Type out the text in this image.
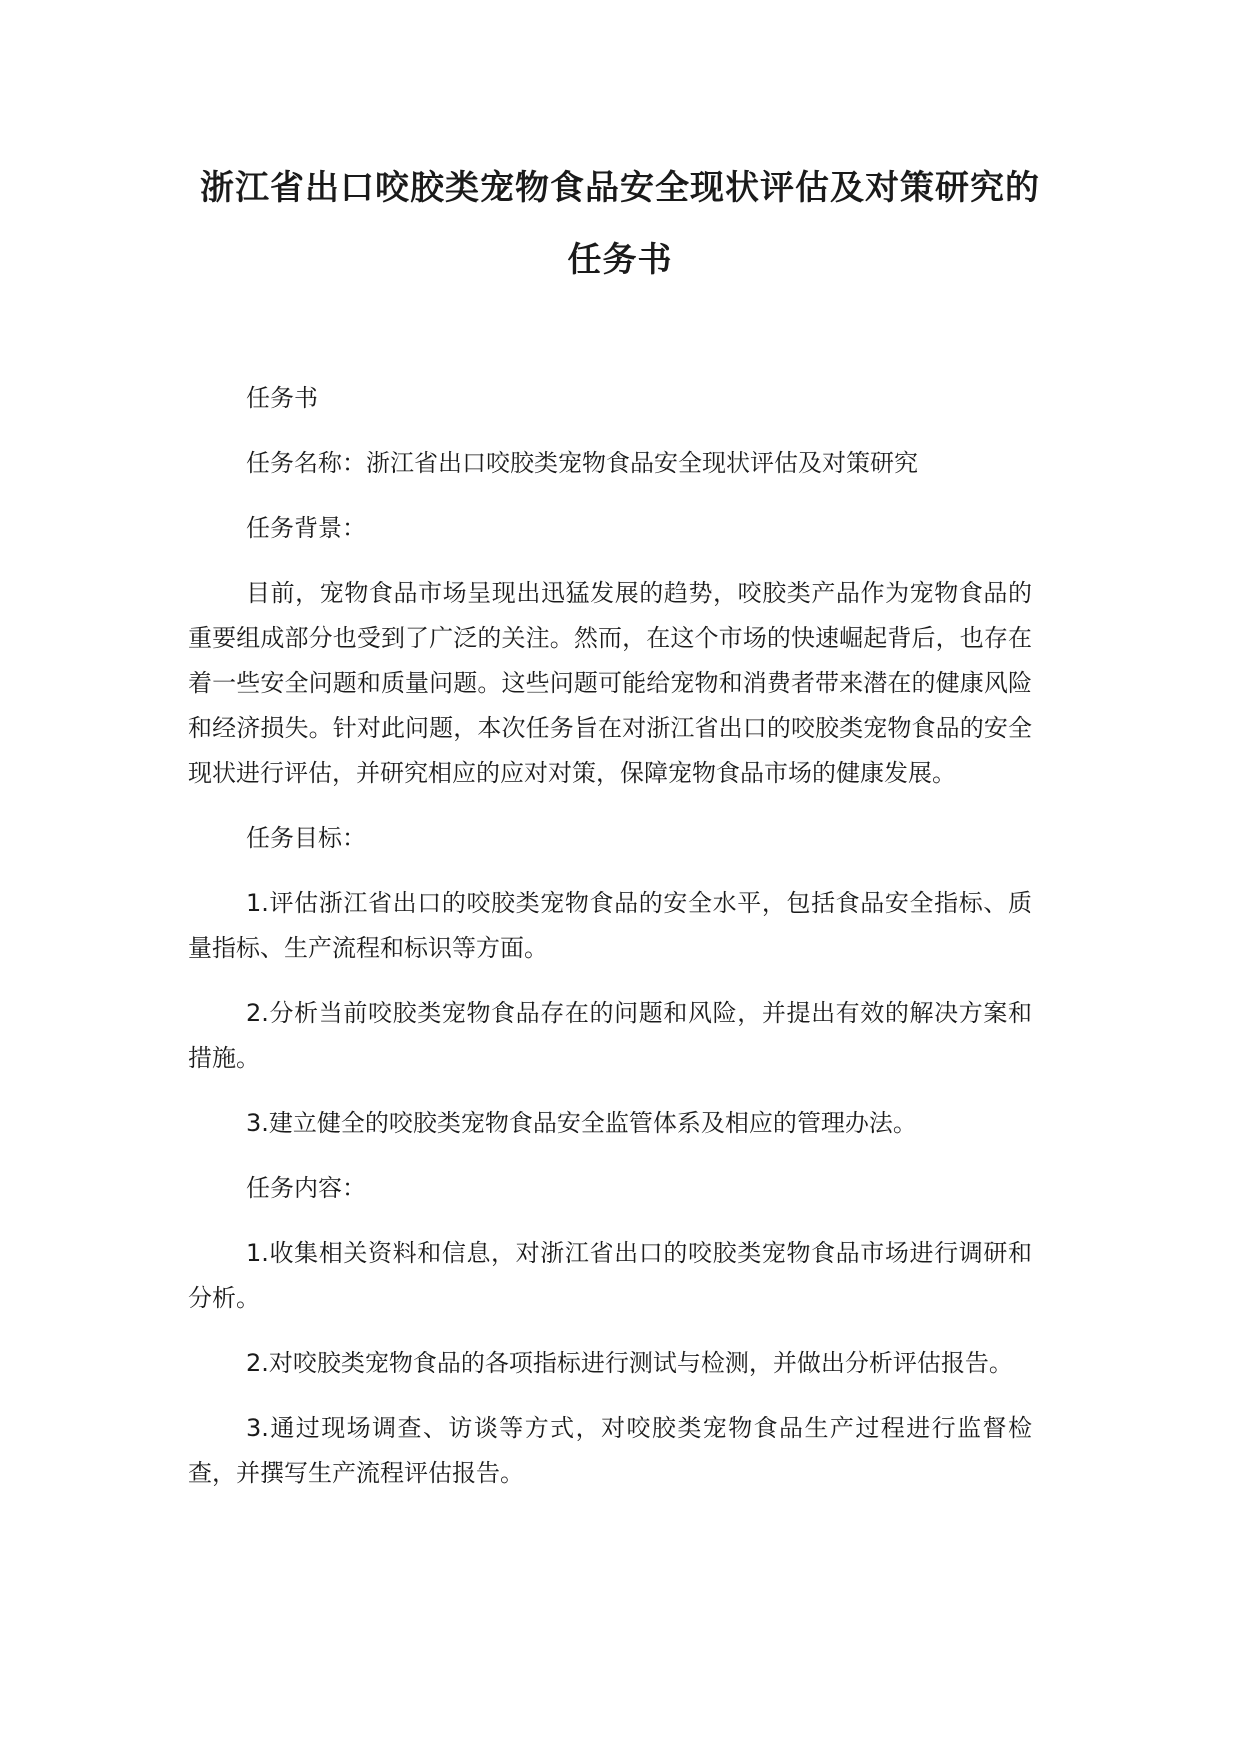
浙江省出口咬胶类宠物食品安全现状评估及对策研究的任务书

任务书

任务名称：浙江省出口咬胶类宠物食品安全现状评估及对策研究

任务背景：

目前，宠物食品市场呈现出迅猛发展的趋势，咬胶类产品作为宠物食品的重要组成部分也受到了广泛的关注。然而，在这个市场的快速崛起背后，也存在着一些安全问题和质量问题。这些问题可能给宠物和消费者带来潜在的健康风险和经济损失。针对此问题，本次任务旨在对浙江省出口的咬胶类宠物食品的安全现状进行评估，并研究相应的应对对策，保障宠物食品市场的健康发展。

任务目标：

1.评估浙江省出口的咬胶类宠物食品的安全水平，包括食品安全指标、质量指标、生产流程和标识等方面。

2.分析当前咬胶类宠物食品存在的问题和风险，并提出有效的解决方案和措施。

3.建立健全的咬胶类宠物食品安全监管体系及相应的管理办法。

任务内容：

1.收集相关资料和信息，对浙江省出口的咬胶类宠物食品市场进行调研和分析。

2.对咬胶类宠物食品的各项指标进行测试与检测，并做出分析评估报告。

3.通过现场调查、访谈等方式，对咬胶类宠物食品生产过程进行监督检查，并撰写生产流程评估报告。
